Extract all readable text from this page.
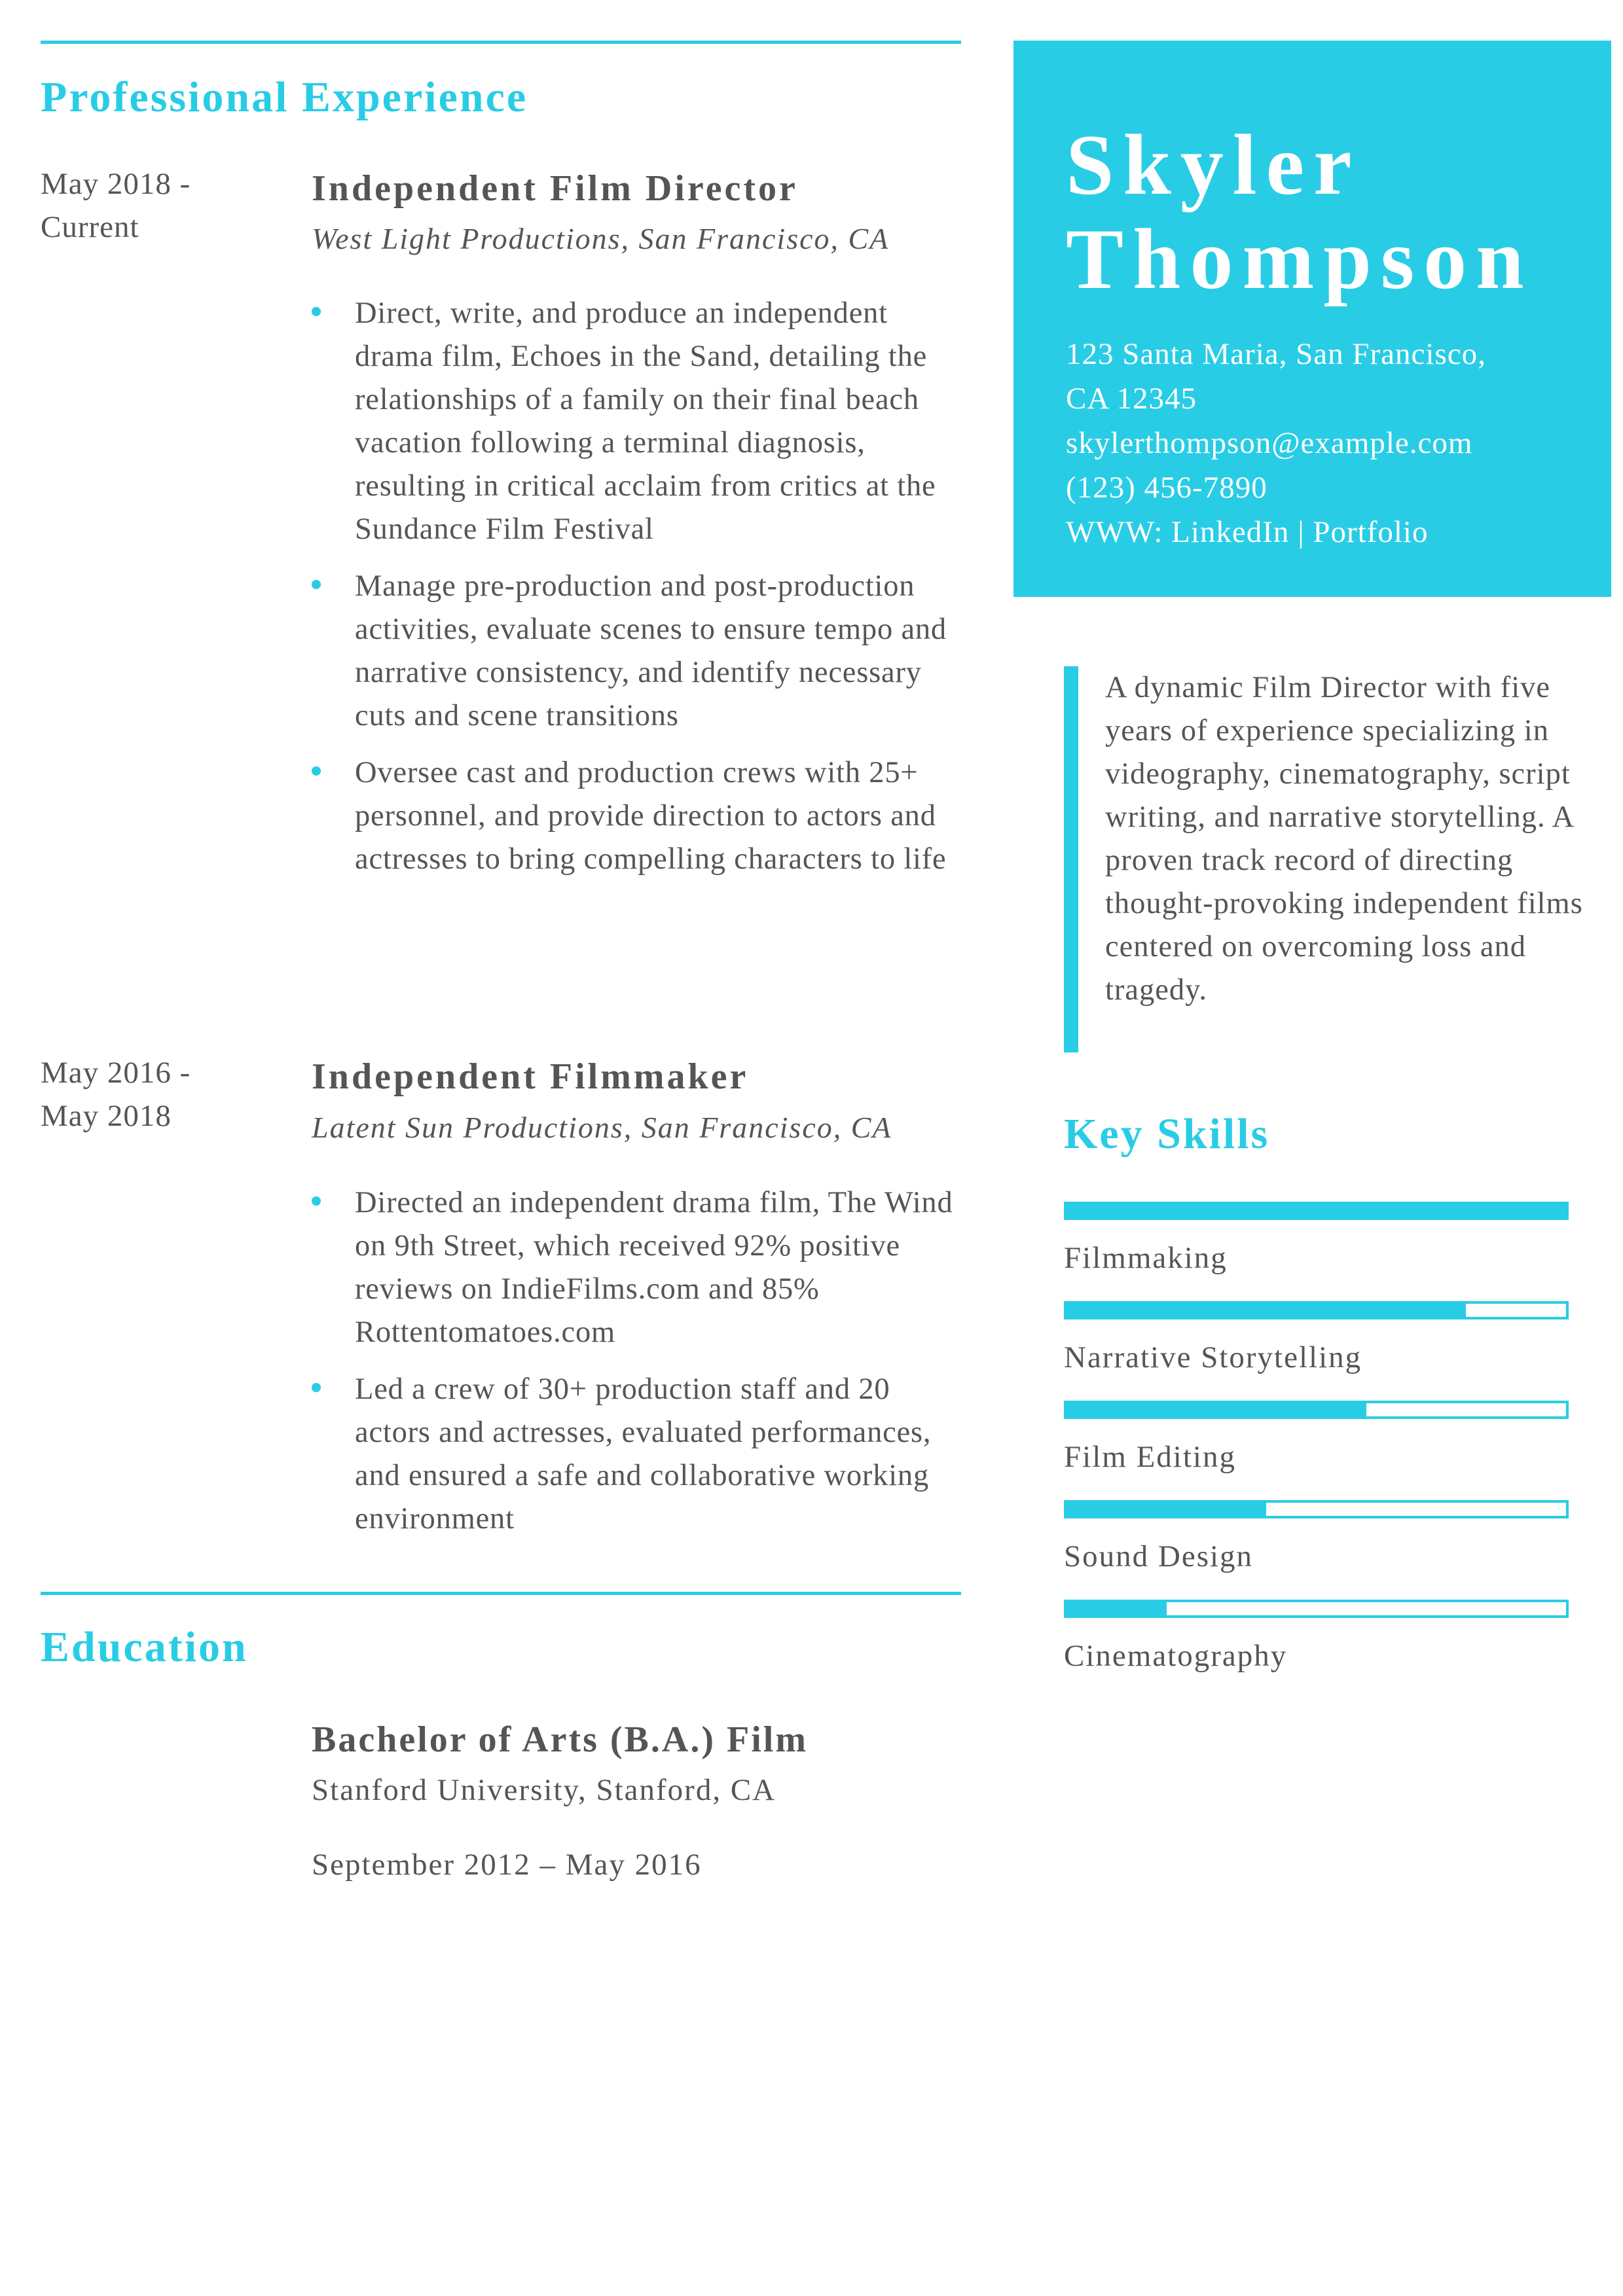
Professional Experience
May 2018 -
Current
Independent Film Director
West Light Productions, San Francisco, CA
Direct, write, and produce an independent drama film, Echoes in the Sand, detailing the relationships of a family on their final beach vacation following a terminal diagnosis, resulting in critical acclaim from critics at the Sundance Film Festival
Manage pre-production and post-production activities, evaluate scenes to ensure tempo and narrative consistency, and identify necessary cuts and scene transitions
Oversee cast and production crews with 25+ personnel, and provide direction to actors and actresses to bring compelling characters to life
May 2016 -
May 2018
Independent Filmmaker
Latent Sun Productions, San Francisco, CA
Directed an independent drama film, The Wind on 9th Street, which received 92% positive reviews on IndieFilms.com and 85% Rottentomatoes.com
Led a crew of 30+ production staff and 20 actors and actresses, evaluated performances, and ensured a safe and collaborative working environment
Education
Bachelor of Arts (B.A.) Film
Stanford University, Stanford, CA
September 2012 – May 2016
Skyler
Thompson
123 Santa Maria, San Francisco,
CA 12345
skylerthompson@example.com
(123) 456-7890
WWW: LinkedIn | Portfolio
A dynamic Film Director with five years of experience specializing in videography, cinematography, script writing, and narrative storytelling. A proven track record of directing thought-provoking independent films centered on overcoming loss and tragedy.
Key Skills
Filmmaking
Narrative Storytelling
Film Editing
Sound Design
Cinematography
